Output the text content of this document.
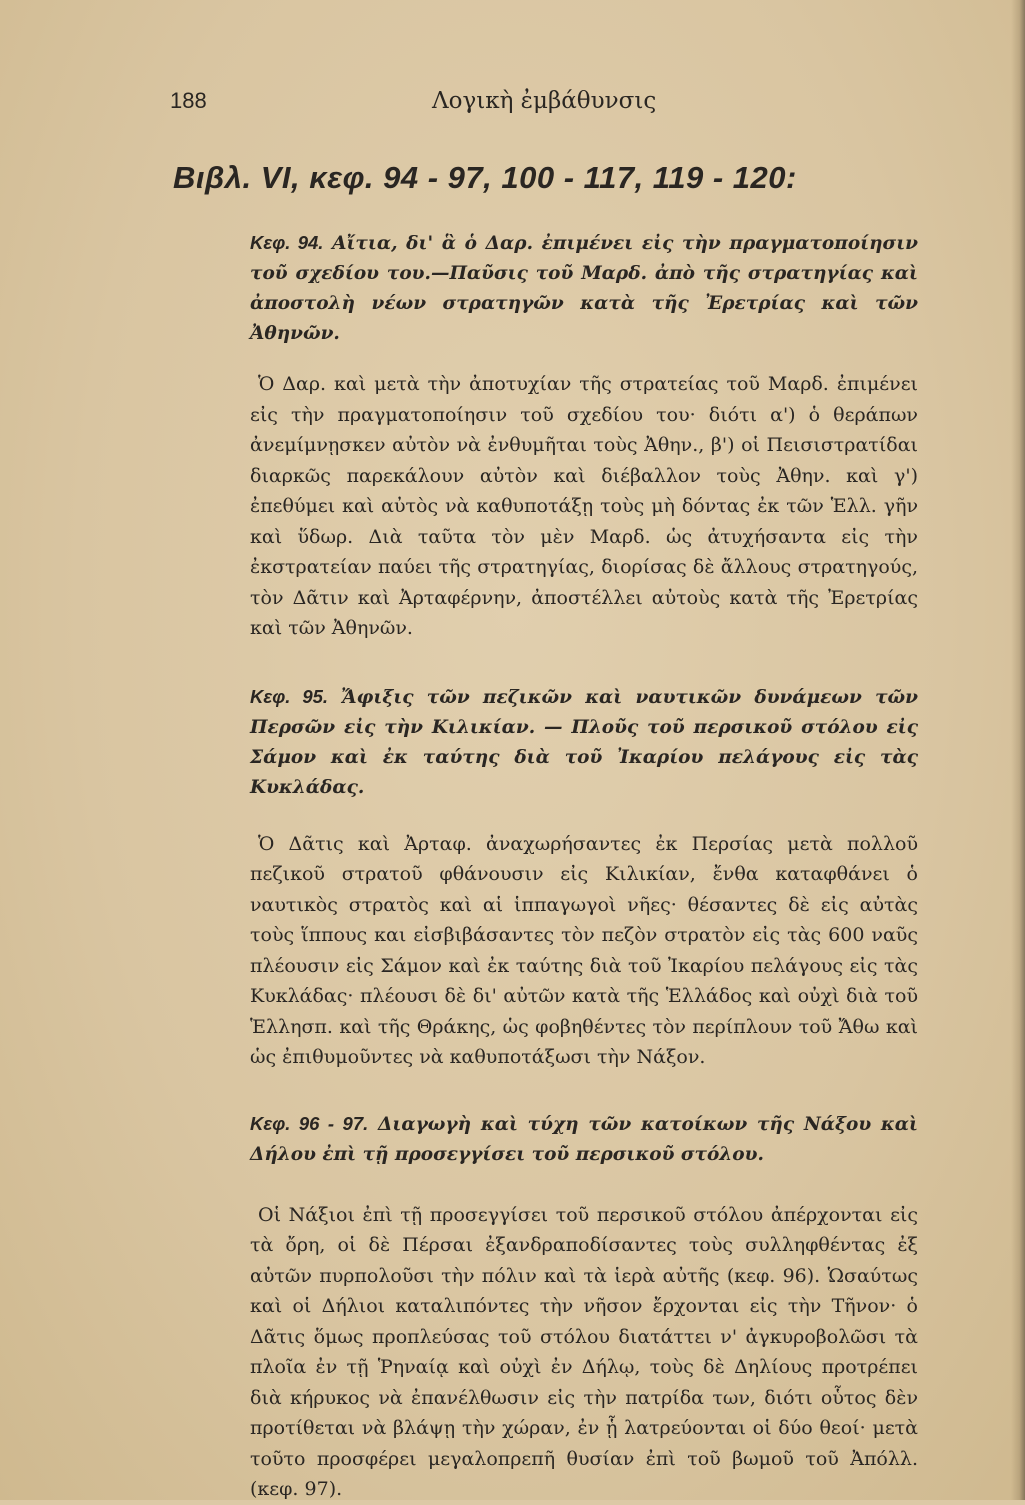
188	Λογικὴ ἐμβάθυνσις
Βιβλ. VI, κεφ. 94 - 97, 100 - 117, 119 - 120:

Κεφ. 94. Αἴτια, δι' ἃ ὁ Δαρ. ἐπιμένει εἰς τὴν πραγματοποίησιν τοῦ σχεδίου του.—Παῦσις τοῦ Μαρδ. ἀπὸ τῆς στρατηγίας καὶ ἀποστολὴ νέων στρατηγῶν κατὰ τῆς Ἐρετρίας καὶ τῶν Ἀθηνῶν.

Ὁ Δαρ. καὶ μετὰ τὴν ἀποτυχίαν τῆς στρατείας τοῦ Μαρδ. ἐπιμένει εἰς τὴν πραγματοποίησιν τοῦ σχεδίου του· διότι α') ὁ θεράπων ἀνεμίμνῃσκεν αὐτὸν νὰ ἐνθυμῆται τοὺς Ἀθην., β') οἱ Πεισιστρατίδαι διαρκῶς παρεκάλουν αὐτὸν καὶ διέβαλλον τοὺς Ἀθην. καὶ γ') ἐπεθύμει καὶ αὐτὸς νὰ καθυποτάξῃ τοὺς μὴ δόντας ἐκ τῶν Ἑλλ. γῆν καὶ ὕδωρ. Διὰ ταῦτα τὸν μὲν Μαρδ. ὡς ἀτυχήσαντα εἰς τὴν ἐκστρατείαν παύει τῆς στρατηγίας, διορίσας δὲ ἄλλους στρατηγούς, τὸν Δᾶτιν καὶ Ἀρταφέρνην, ἀποστέλλει αὐτοὺς κατὰ τῆς Ἐρετρίας καὶ τῶν Ἀθηνῶν.

Κεφ. 95. Ἄφιξις τῶν πεζικῶν καὶ ναυτικῶν δυνάμεων τῶν Περσῶν εἰς τὴν Κιλικίαν. — Πλοῦς τοῦ περσικοῦ στόλου εἰς Σάμον καὶ ἐκ ταύτης διὰ τοῦ Ἰκαρίου πελάγους εἰς τὰς Κυκλάδας.

Ὁ Δᾶτις καὶ Ἀρταφ. ἀναχωρήσαντες ἐκ Περσίας μετὰ πολλοῦ πεζικοῦ στρατοῦ φθάνουσιν εἰς Κιλικίαν, ἔνθα καταφθάνει ὁ ναυτικὸς στρατὸς καὶ αἱ ἱππαγωγοὶ νῆες· θέσαντες δὲ εἰς αὐτὰς τοὺς ἵππους και εἰσβιβάσαντες τὸν πεζὸν στρατὸν εἰς τὰς 600 ναῦς πλέουσιν εἰς Σάμον καὶ ἐκ ταύτης διὰ τοῦ Ἰκαρίου πελάγους εἰς τὰς Κυκλάδας· πλέουσι δὲ δι' αὐτῶν κατὰ τῆς Ἑλλάδος καὶ οὐχὶ διὰ τοῦ Ἑλλησπ. καὶ τῆς Θράκης, ὡς φοβηθέντες τὸν περίπλουν τοῦ Ἄθω καὶ ὡς ἐπιθυμοῦντες νὰ καθυποτάξωσι τὴν Νάξον.

Κεφ. 96 - 97. Διαγωγὴ καὶ τύχη τῶν κατοίκων τῆς Νάξου καὶ Δήλου ἐπὶ τῇ προσεγγίσει τοῦ περσικοῦ στόλου.

Οἱ Νάξιοι ἐπὶ τῇ προσεγγίσει τοῦ περσικοῦ στόλου ἀπέρχονται εἰς τὰ ὄρη, οἱ δὲ Πέρσαι ἐξανδραποδίσαντες τοὺς συλληφθέντας ἐξ αὐτῶν πυρπολοῦσι τὴν πόλιν καὶ τὰ ἱερὰ αὐτῆς (κεφ. 96). Ὡσαύτως καὶ οἱ Δήλιοι καταλιπόντες τὴν νῆσον ἔρχονται εἰς τὴν Τῆνον· ὁ Δᾶτις ὅμως προπλεύσας τοῦ στόλου διατάττει ν' ἀγκυροβολῶσι τὰ πλοῖα ἐν τῇ Ῥηναίᾳ καὶ οὐχὶ ἐν Δήλῳ, τοὺς δὲ Δηλίους προτρέπει διὰ κήρυκος νὰ ἐπανέλθωσιν εἰς τὴν πατρίδα των, διότι οὗτος δὲν προτίθεται νὰ βλάψῃ τὴν χώραν, ἐν ᾗ λατρεύονται οἱ δύο θεοί· μετὰ τοῦτο προσφέρει μεγαλοπρεπῆ θυσίαν ἐπὶ τοῦ βωμοῦ τοῦ Ἀπόλλ. (κεφ. 97).
